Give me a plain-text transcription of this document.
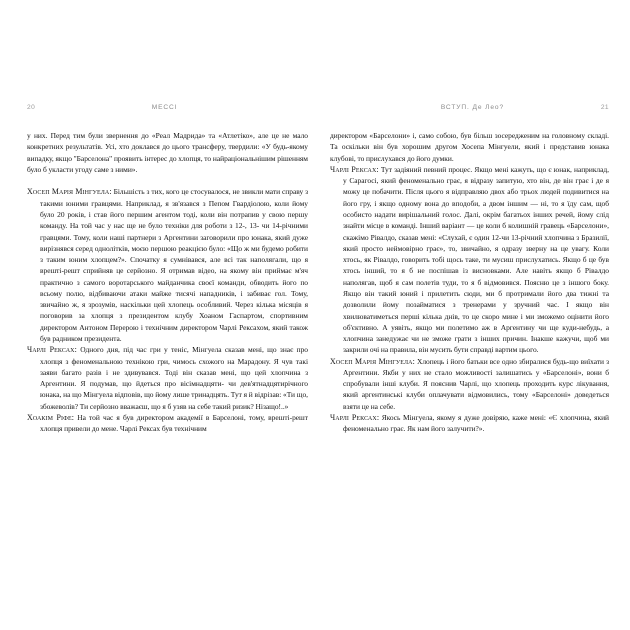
20	МЕССІ

у них. Перед тим були звернення до «Реал Мадрида» та «Атлетіко», але це не мало конкретних результатів. Усі, хто доклався до цього трансферу, твердили: «У будь-якому випадку, якщо "Барселона" проявить інтерес до хлопця, то найраціональнішим рішенням було б укласти угоду саме з ними».

Хосеп Марія Мінгуела: Більшість з тих, кого це стосувалося, не звикли мати справу з такими юними гравцями. Наприклад, я зв'язався з Пепом Гвардіолою, коли йому було 20 років, і став його першим агентом тоді, коли він потрапив у свою першу команду. На той час у нас ще не було техніки для роботи з 12-, 13- чи 14-річними гравцями. Тому, коли наші партнери з Аргентини заговорили про юнака, який дуже вирізнявся серед однолітків, моєю першою реакцією було: «Що ж ми будемо робити з таким юним хлопцем?». Спочатку я сумнівався, але всі так наполягали, що я врешті-решт сприйняв це серйозно. Я отримав відео, на якому він приймає м'яч практично з самого воротарського майданчика своєї команди, обводить його по всьому полю, відбиваючи атаки майже тисячі нападників, і забиває гол. Тому, звичайно ж, я зрозумів, наскільки цей хлопець особливий. Через кілька місяців я поговорив за хлопця з президентом клубу Хоаном Гаспартом, спортивним директором Антоном Перерою і технічним директором Чарлі Рексахом, який також був радником президента.

Чарлі Рексах: Одного дня, під час гри у теніс, Мінгуела сказав мені, що знає про хлопця з феноменальною технікою гри, чимось схожого на Марадону. Я чув такі заяви багато разів і не здивувався. Тоді він сказав мені, що цей хлопчина з Аргентини. Я подумав, що йдеться про вісімнадцяти- чи дев'ятнадцятирічного юнака, на що Мінгуела відповів, що йому лише тринадцять. Тут я й відрізав: «Ти що, збожеволів? Ти серйозно вважаєш, що я б узяв на себе такий ризик? Нізащо!..»

Хоакім Ріфе: На той час я був директором академії в Барселоні, тому, врешті-решт хлопця привели до мене. Чарлі Рексах був технічним

ВСТУП. Де Лео?	21

директором «Барселони» і, само собою, був більш зосередженим на головному складі. Та оскільки він був хорошим другом Хосепа Мінгуели, який і представив юнака клубові, то прислухався до його думки.

Чарлі Рексах: Тут задіяний певний процес. Якщо мені кажуть, що є юнак, наприклад, у Сарагосі, який феноменально грає, я відразу запитую, хто він, де він грає і де я можу це побачити. Після цього я відправляю двох або трьох людей подивитися на його гру, і якщо одному вона до вподоби, а двом іншим — ні, то я їду сам, щоб особисто надати вирішальний голос. Далі, окрім багатьох інших речей, йому слід знайти місце в команді. Інший варіант — це коли б колишній гравець «Барселони», скажімо Рівалдо, сказав мені: «Слухай, є один 12-чи 13-річний хлопчина з Бразилії, який просто неймовірно грає», то, звичайно, я одразу зверну на це увагу. Коли хтось, як Рівалдо, говорить тобі щось таке, ти мусиш прислухатись. Якщо б це був хтось інший, то я б не поспішав із висновками. Але навіть якщо б Рівалдо наполягав, щоб я сам полетів туди, то я б відмовився. Поясню це з іншого боку. Якщо він такий юний і прилетить сюди, ми б протримали його два тижні та дозволили йому позайматися з тренерами у зручний час. І якщо він хвилюватиметься перші кілька днів, то це скоро мине і ми зможемо оцінити його об'єктивно. А уявіть, якщо ми полетимо аж в Аргентину чи ще куди-небудь, а хлопчина занедужає чи не зможе грати з інших причин. Інакше кажучи, щоб ми закрили очі на правила, він мусить бути справді вартим цього.

Хосеп Марія Мінгуела: Хлопець і його батьки все одно збиралися будь-що виїхати з Аргентини. Якби у них не стало можливості залишатись у «Барселоні», вони б спробували інші клуби. Я пояснив Чарлі, що хлопець проходить курс лікування, який аргентинські клуби оплачувати відмовились, тому «Барселоні» доведеться взяти це на себе.

Чарлі Рексах: Якось Мінгуела, якому я дуже довіряю, каже мені: «Є хлопчина, який феноменально грає. Як нам його залучити?».
